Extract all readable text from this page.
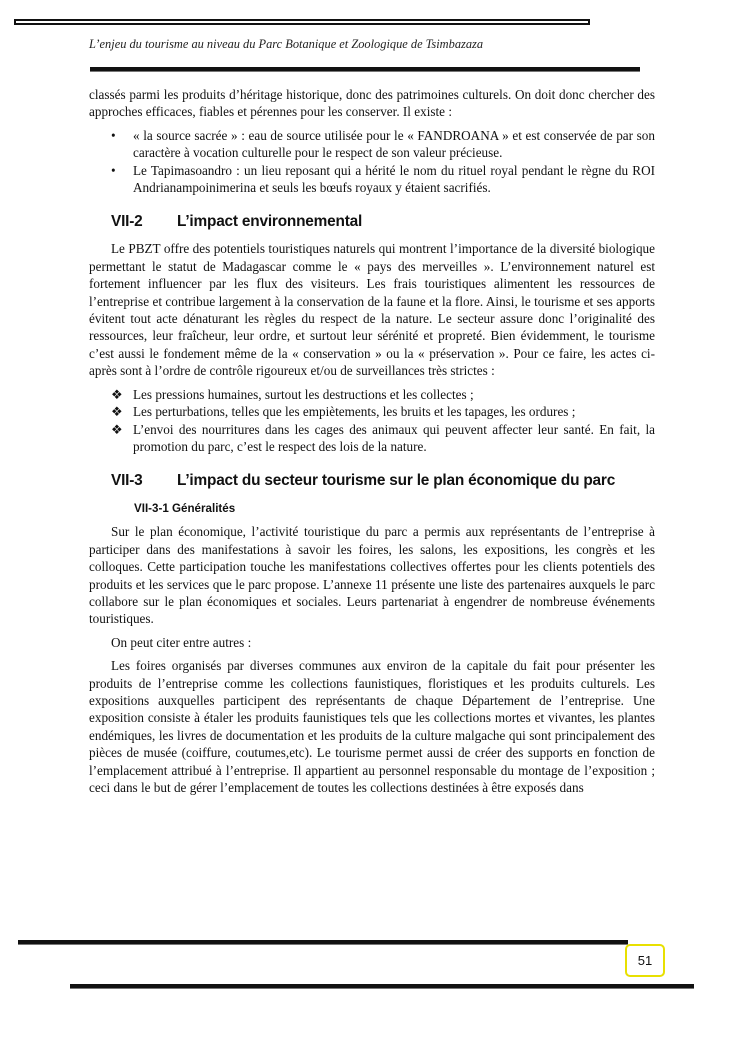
L’enjeu du tourisme au niveau du Parc Botanique et Zoologique de Tsimbazaza

classés parmi les produits d’héritage historique, donc des patrimoines culturels. On doit donc chercher des approches efficaces, fiables et pérennes pour les conserver. Il existe :

•	« la source sacrée » : eau de source utilisée pour le « FANDROANA » et est conservée de par son caractère à vocation culturelle pour le respect de son valeur précieuse.
•	Le Tapimasoandro : un lieu reposant qui a hérité le nom du rituel royal pendant le règne du ROI Andrianampoinimerina et seuls les bœufs royaux y étaient sacrifiés.
VII-2 L’impact environnemental

Le PBZT offre des potentiels touristiques naturels qui montrent l’importance de la diversité biologique permettant le statut de Madagascar comme le « pays des merveilles ». L’environnement naturel est fortement influencer par les flux des visiteurs. Les frais touristiques alimentent les ressources de l’entreprise et contribue largement à la conservation de la faune et la flore. Ainsi, le tourisme et ses apports évitent tout acte dénaturant les règles du respect de la nature. Le secteur assure donc l’originalité des ressources, leur fraîcheur, leur ordre, et surtout leur sérénité et propreté. Bien évidemment, le tourisme c’est aussi le fondement même de la « conservation » ou la « préservation ». Pour ce faire, les actes ci-après sont à l’ordre de contrôle rigoureux et/ou de surveillances très strictes :

❖ Les pressions humaines, surtout les destructions et les collectes ;
❖ Les perturbations, telles que les empiètements, les bruits et les tapages, les ordures ;
❖ L’envoi des nourritures dans les cages des animaux qui peuvent affecter leur santé. En fait, la promotion du parc, c’est le respect des lois de la nature.
VII-3 L’impact du secteur tourisme sur le plan économique du parc
VII-3-1 Généralités

Sur le plan économique, l’activité touristique du parc a permis aux représentants de l’entreprise à participer dans des manifestations à savoir les foires, les salons, les expositions, les congrès et les colloques. Cette participation touche les manifestations collectives offertes pour les clients potentiels des produits et les services que le parc propose. L’annexe 11 présente une liste des partenaires auxquels le parc collabore sur le plan économiques et sociales. Leurs partenariat à engendrer de nombreuse événements touristiques.

On peut citer entre autres :

Les foires organisés par diverses communes aux environ de la capitale du fait pour présenter les produits de l’entreprise comme les collections faunistiques, floristiques et les produits culturels. Les expositions auxquelles participent des représentants de chaque Département de l’entreprise. Une exposition consiste à étaler les produits faunistiques tels que les collections mortes et vivantes, les plantes endémiques, les livres de documentation et les produits de la culture malgache qui sont principalement des pièces de musée (coiffure, coutumes,etc). Le tourisme permet aussi de créer des supports en fonction de l’emplacement attribué à l’entreprise. Il appartient au personnel responsable du montage de l’exposition ; ceci dans le but de gérer l’emplacement de toutes les collections destinées à être exposés dans

51
